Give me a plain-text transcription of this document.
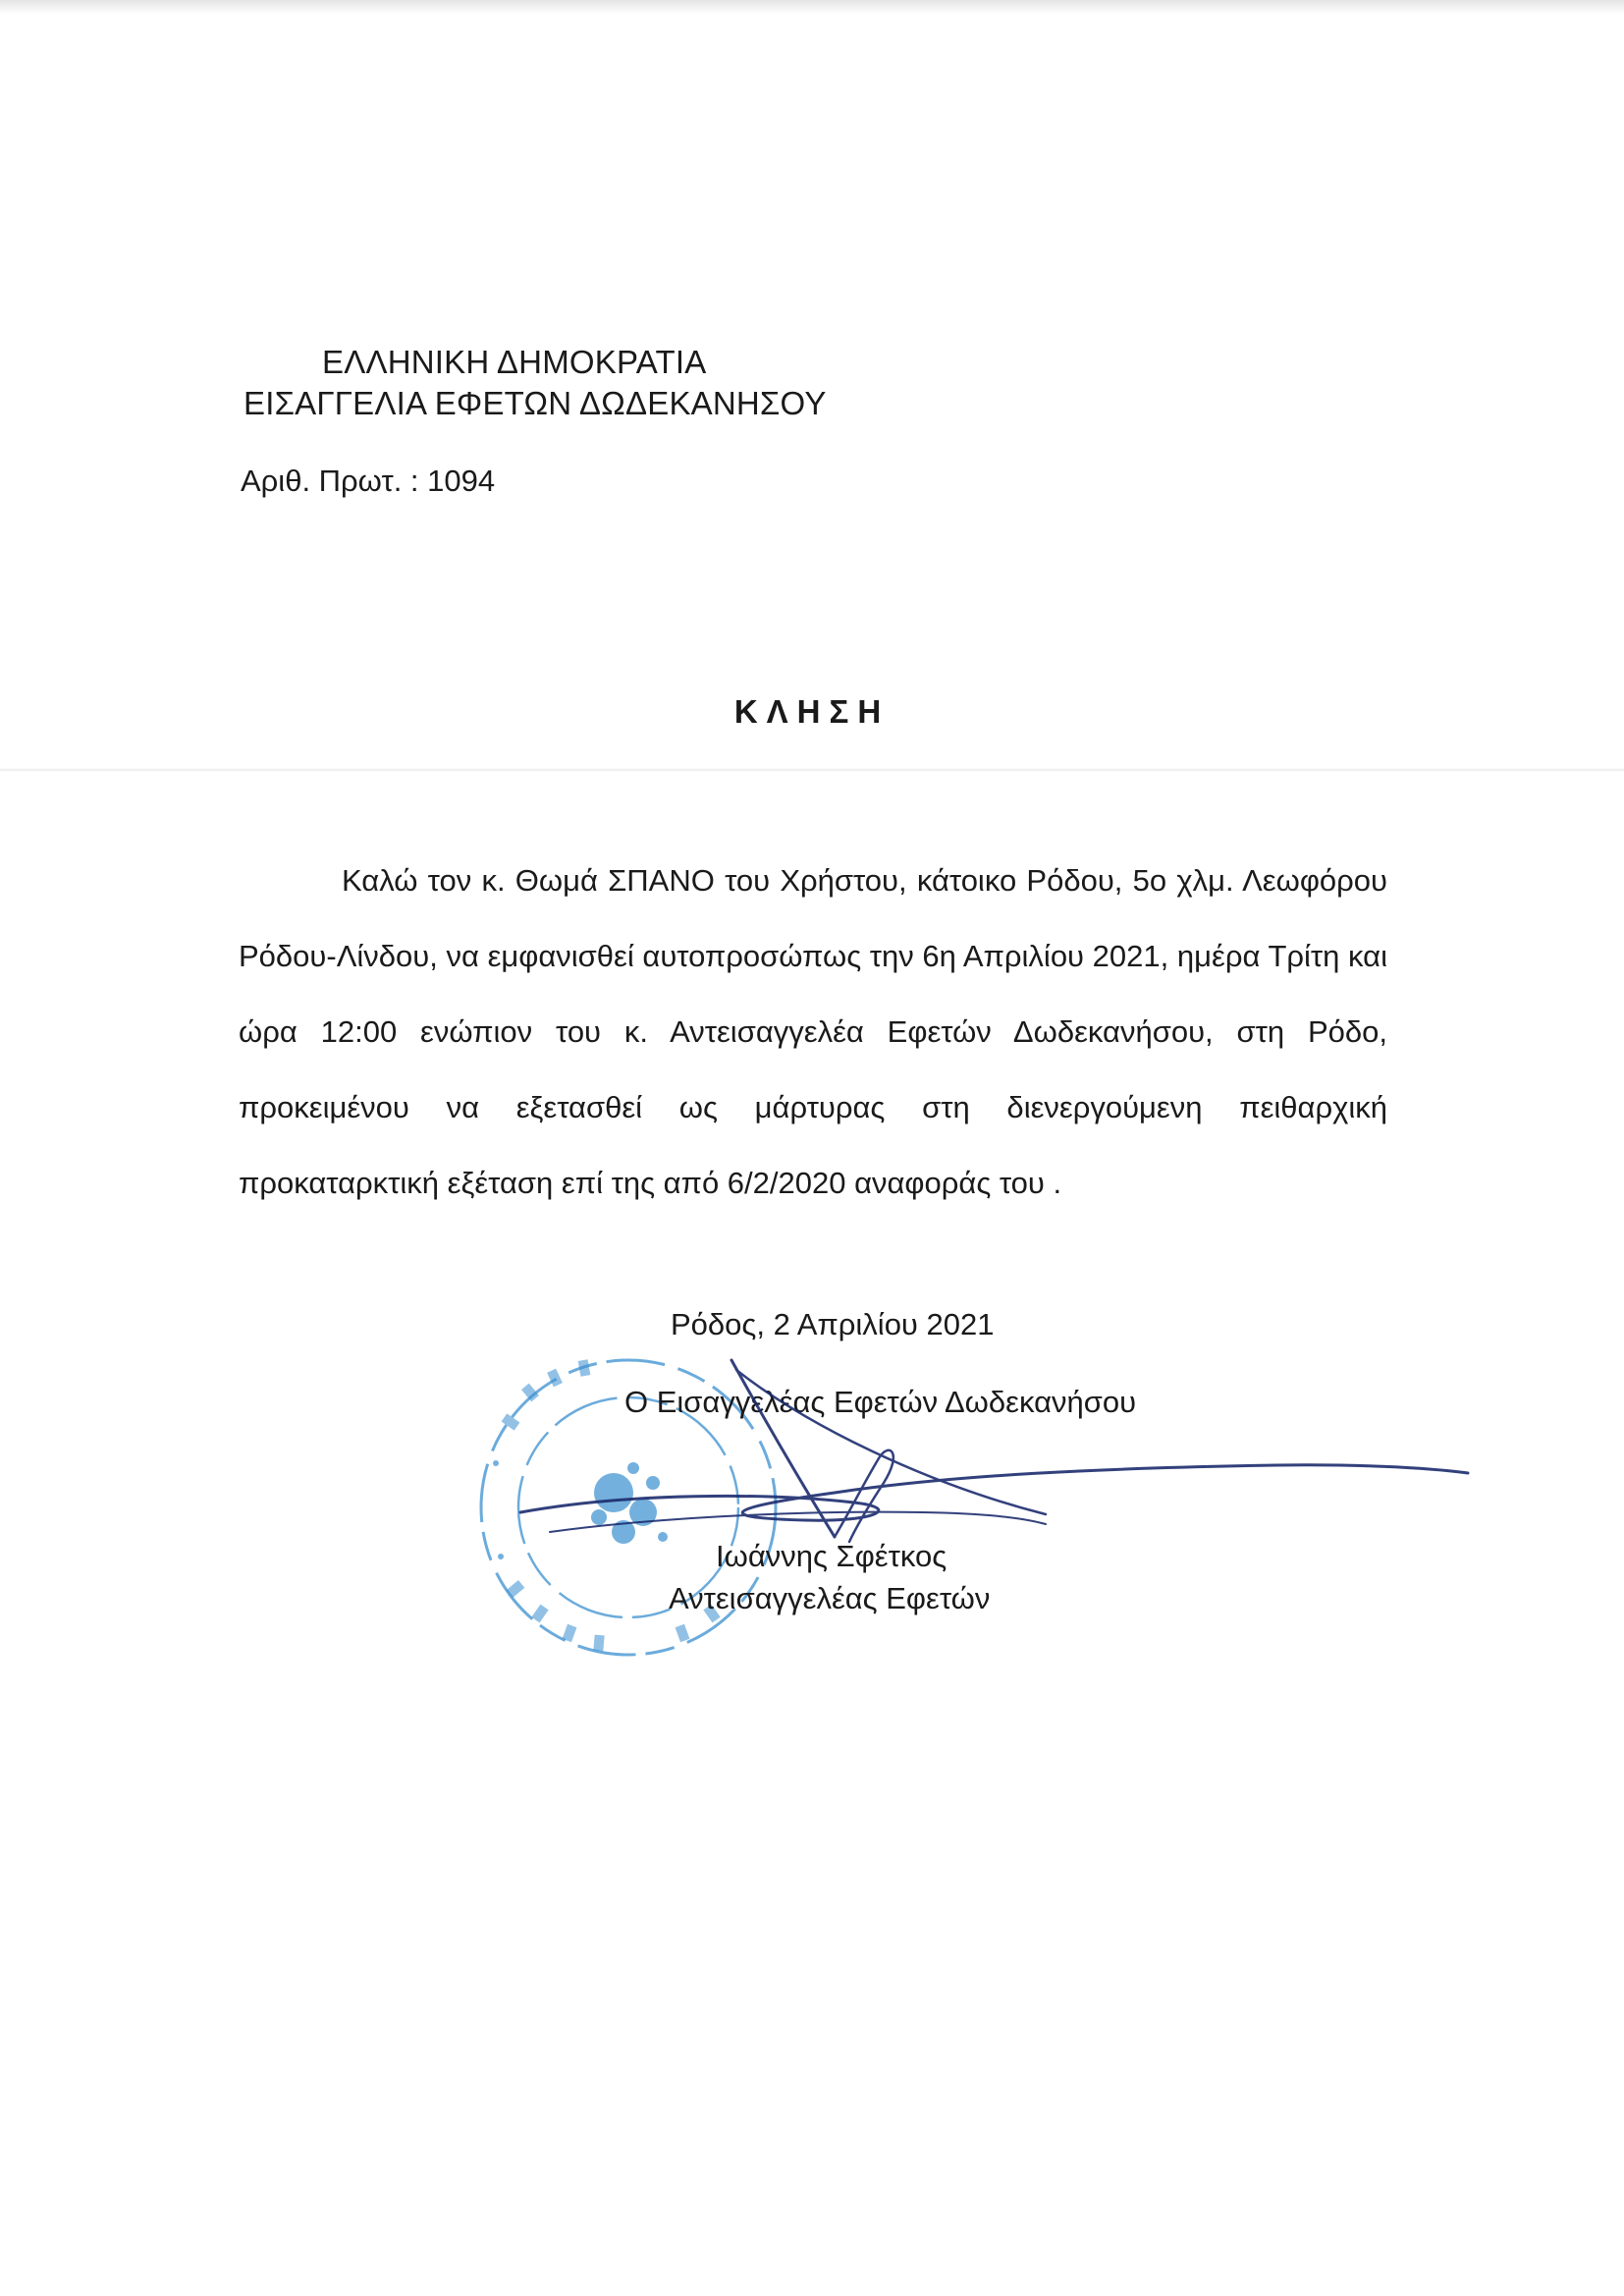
ΕΛΛΗΝΙΚΗ ΔΗΜΟΚΡΑΤΙΑ
ΕΙΣΑΓΓΕΛΙΑ ΕΦΕΤΩΝ ΔΩΔΕΚΑΝΗΣΟΥ
Αριθ. Πρωτ. : 1094
ΚΛΗΣΗ

Καλώ τον κ. Θωμά ΣΠΑΝΟ του Χρήστου, κάτοικο Ρόδου, 5ο χλμ. Λεωφόρου Ρόδου-Λίνδου, να εμφανισθεί αυτοπροσώπως την 6η Απριλίου 2021, ημέρα Τρίτη και ώρα 12:00 ενώπιον του κ. Αντεισαγγελέα Εφετών Δωδεκανήσου, στη Ρόδο, προκειμένου να εξετασθεί ως μάρτυρας στη διενεργούμενη πειθαρχική προκαταρκτική εξέταση επί της από 6/2/2020 αναφοράς του .

Ρόδος, 2 Απριλίου 2021
Ο Εισαγγελέας Εφετών Δωδεκανήσου
Ιωάννης Σφέτκος
Αντεισαγγελέας Εφετών
